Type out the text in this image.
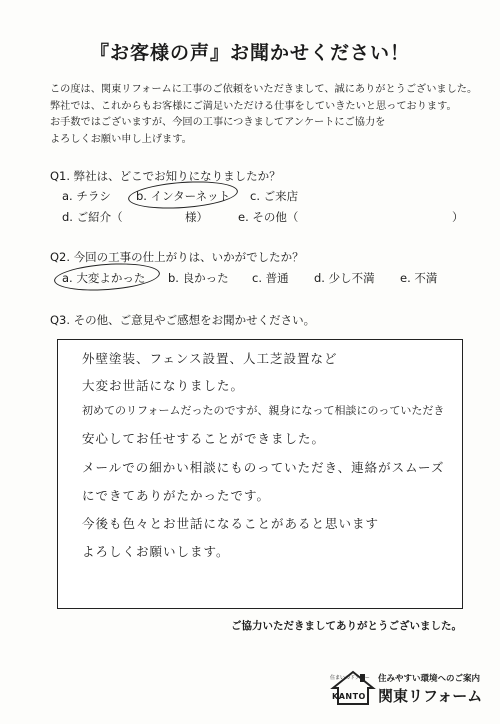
『お客様の声』お聞かせください！
この度は、関東リフォームに工事のご依頼をいただきまして、誠にありがとうございました。
弊社では、これからもお客様にご満足いただける仕事をしていきたいと思っております。
お手数ではございますが、今回の工事につきましてアンケートにご協力を
よろしくお願い申し上げます。
Q1. 弊社は、どこでお知りになりましたか？
a. チラシ b. インターネット c. ご来店
d. ご紹介（	様）	e. その他（	）
Q2. 今回の工事の仕上がりは、いかがでしたか？
a. 大変よかった b. 良かった c. 普通 d. 少し不満 e. 不満
Q3. その他、ご意見やご感想をお聞かせください。
外壁塗装、フェンス設置、人工芝設置など
大変お世話になりました。
初めてのリフォームだったのですが、親身になって相談にのっていただき
安心してお任せすることができました。
メールでの細かい相談にものっていただき、連絡がスムーズ
にできてありがたかったです。
今後も色々とお世話になることがあると思います
よろしくお願いします。
ご協力いただきましてありがとうございました。
住まいのドクター
KANTO
住みやすい環境へのご案内
関東リフォーム
